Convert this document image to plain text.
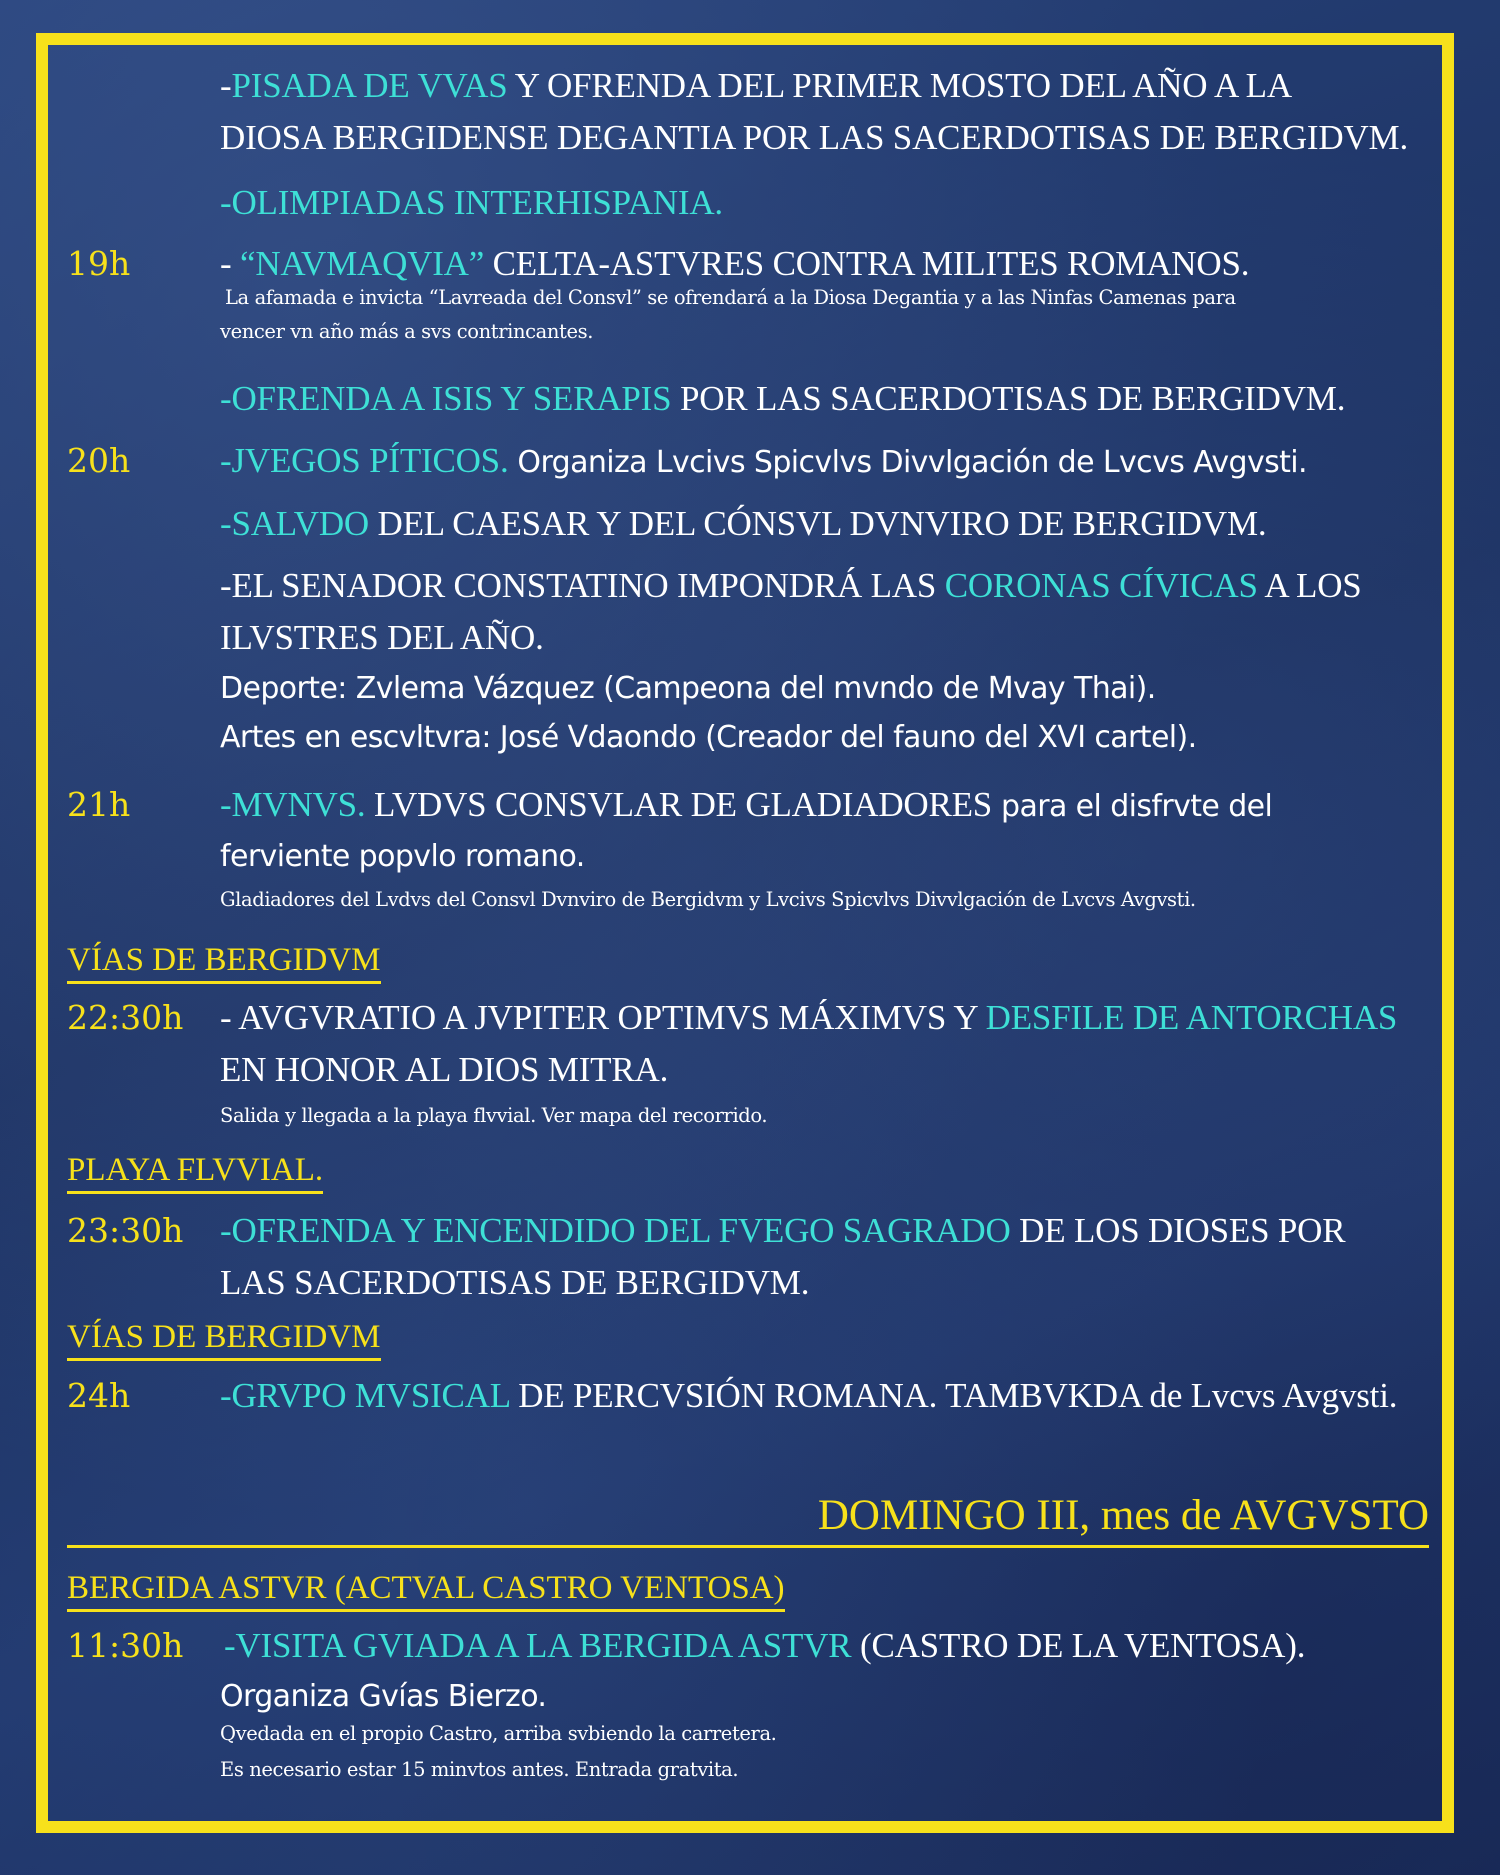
-PISADA DE VVAS Y OFRENDA DEL PRIMER MOSTO DEL AÑO A LA
DIOSA BERGIDENSE DEGANTIA POR LAS SACERDOTISAS DE BERGIDVM.
-OLIMPIADAS INTERHISPANIA.
19h	- “NAVMAQVIA” CELTA-ASTVRES CONTRA MILITES ROMANOS.
La afamada e invicta “Lavreada del Consvl” se ofrendará a la Diosa Degantia y a las Ninfas Camenas para
vencer vn año más a svs contrincantes.
-OFRENDA A ISIS Y SERAPIS POR LAS SACERDOTISAS DE BERGIDVM.
20h	-JVEGOS PÍTICOS. Organiza Lvcivs Spicvlvs Divvlgación de Lvcvs Avgvsti.
-SALVDO DEL CAESAR Y DEL CÓNSVL DVNVIRO DE BERGIDVM.
-EL SENADOR CONSTATINO IMPONDRÁ LAS CORONAS CÍVICAS A LOS
ILVSTRES DEL AÑO.
Deporte: Zvlema Vázquez (Campeona del mvndo de Mvay Thai).
Artes en escvltvra: José Vdaondo (Creador del fauno del XVI cartel).
21h	-MVNVS. LVDVS CONSVLAR DE GLADIADORES para el disfrvte del
ferviente popvlo romano.
Gladiadores del Lvdvs del Consvl Dvnviro de Bergidvm y Lvcivs Spicvlvs Divvlgación de Lvcvs Avgvsti.
VÍAS DE BERGIDVM
22:30h - AVGVRATIO A JVPITER OPTIMVS MÁXIMVS Y DESFILE DE ANTORCHAS
EN HONOR AL DIOS MITRA.
Salida y llegada a la playa flvvial. Ver mapa del recorrido.
PLAYA FLVVIAL.
23:30h -OFRENDA Y ENCENDIDO DEL FVEGO SAGRADO DE LOS DIOSES POR
LAS SACERDOTISAS DE BERGIDVM.
VÍAS DE BERGIDVM
24h	-GRVPO MVSICAL DE PERCVSIÓN ROMANA. TAMBVKDA de Lvcvs Avgvsti.
DOMINGO III, mes de AVGVSTO
BERGIDA ASTVR (ACTVAL CASTRO VENTOSA)
11:30h -VISITA GVIADA A LA BERGIDA ASTVR (CASTRO DE LA VENTOSA).
Organiza Gvías Bierzo.
Qvedada en el propio Castro, arriba svbiendo la carretera.
Es necesario estar 15 minvtos antes. Entrada gratvita.
